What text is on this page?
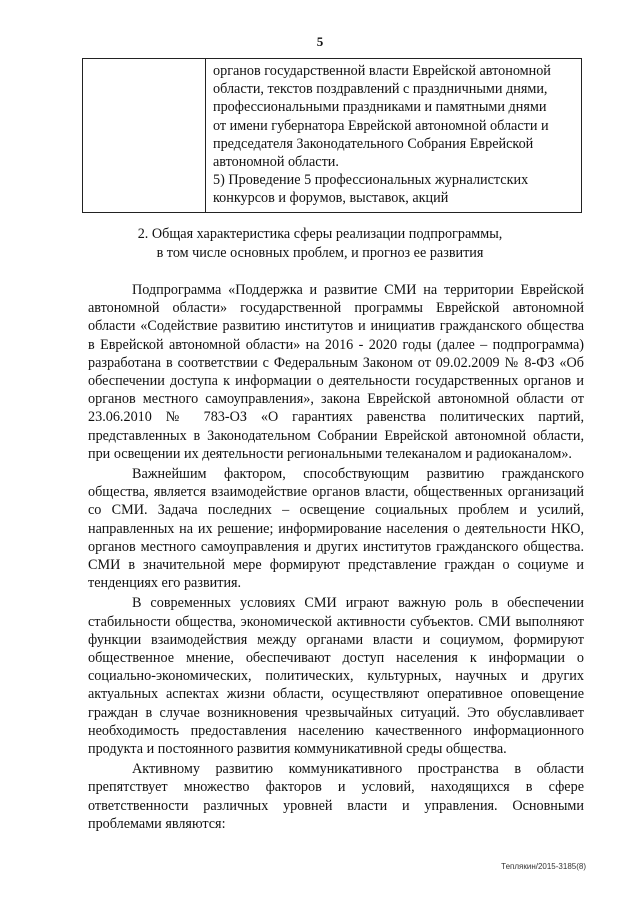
5

органов государственной власти Еврейской автономной
области, текстов поздравлений с праздничными днями,
профессиональными праздниками и памятными днями
от имени губернатора Еврейской автономной области и
председателя Законодательного Собрания Еврейской
автономной области.
5) Проведение 5 профессиональных журналистских
конкурсов и форумов, выставок, акций
2. Общая характеристика сферы реализации подпрограммы,
в том числе основных проблем, и прогноз ее развития

Подпрограмма «Поддержка и развитие СМИ на территории Еврейской автономной области» государственной программы Еврейской автономной области «Содействие развитию институтов и инициатив гражданского общества в Еврейской автономной области» на 2016 - 2020 годы (далее – подпрограмма) разработана в соответствии с Федеральным Законом от 09.02.2009 № 8-ФЗ «Об обеспечении доступа к информации о деятельности государственных органов и органов местного самоуправления», закона Еврейской автономной области от 23.06.2010 № 783-ОЗ «О гарантиях равенства политических партий, представленных в Законодательном Собрании Еврейской автономной области, при освещении их деятельности региональными телеканалом и радиоканалом».

Важнейшим фактором, способствующим развитию гражданского общества, является взаимодействие органов власти, общественных организаций со СМИ. Задача последних – освещение социальных проблем и усилий, направленных на их решение; информирование населения о деятельности НКО, органов местного самоуправления и других институтов гражданского общества. СМИ в значительной мере формируют представление граждан о социуме и тенденциях его развития.

В современных условиях СМИ играют важную роль в обеспечении стабильности общества, экономической активности субъектов. СМИ выполняют функции взаимодействия между органами власти и социумом, формируют общественное мнение, обеспечивают доступ населения к информации о социально-экономических, политических, культурных, научных и других актуальных аспектах жизни области, осуществляют оперативное оповещение граждан в случае возникновения чрезвычайных ситуаций. Это обуславливает необходимость предоставления населению качественного информационного продукта и постоянного развития коммуникативной среды общества.

Активному развитию коммуникативного пространства в области препятствует множество факторов и условий, находящихся в сфере ответственности различных уровней власти и управления. Основными проблемами являются:

Теплякин/2015-3185(8)
